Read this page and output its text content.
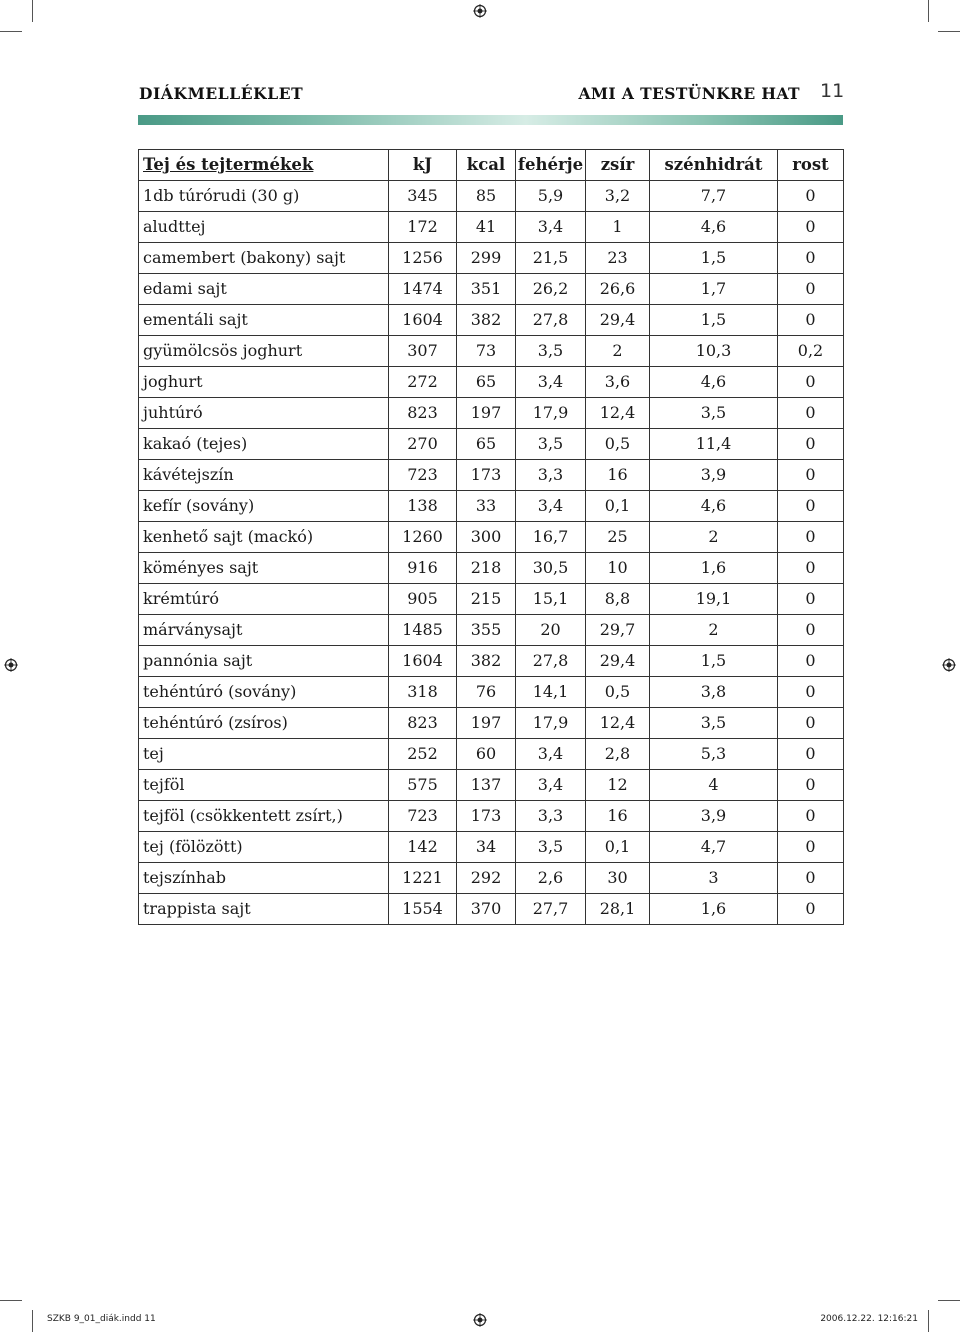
DIÁKMELLÉKLET	AMI A TESTÜNKRE HAT 11
Tej és tejtermékek	kJ	kcal	fehérje	zsír	szénhidrát	rost
1db túrórudi (30 g)	345	85	5,9	3,2	7,7	0
aludttej	172	41	3,4	1	4,6	0
camembert (bakony) sajt	1256	299	21,5	23	1,5	0
edami sajt	1474	351	26,2	26,6	1,7	0
ementáli sajt	1604	382	27,8	29,4	1,5	0
gyümölcsös joghurt	307	73	3,5	2	10,3	0,2
joghurt	272	65	3,4	3,6	4,6	0
juhtúró	823	197	17,9	12,4	3,5	0
kakaó (tejes)	270	65	3,5	0,5	11,4	0
kávétejszín	723	173	3,3	16	3,9	0
kefír (sovány)	138	33	3,4	0,1	4,6	0
kenhető sajt (mackó)	1260	300	16,7	25	2	0
köményes sajt	916	218	30,5	10	1,6	0
krémtúró	905	215	15,1	8,8	19,1	0
márványsajt	1485	355	20	29,7	2	0
pannónia sajt	1604	382	27,8	29,4	1,5	0
tehéntúró (sovány)	318	76	14,1	0,5	3,8	0
tehéntúró (zsíros)	823	197	17,9	12,4	3,5	0
tej	252	60	3,4	2,8	5,3	0
tejföl	575	137	3,4	12	4	0
tejföl (csökkentett zsírt,)	723	173	3,3	16	3,9	0
tej (fölözött)	142	34	3,5	0,1	4,7	0
tejszínhab	1221	292	2,6	30	3	0
trappista sajt	1554	370	27,7	28,1	1,6	0
SZKB 9_01_diák.indd 11	2006.12.22. 12:16:21
